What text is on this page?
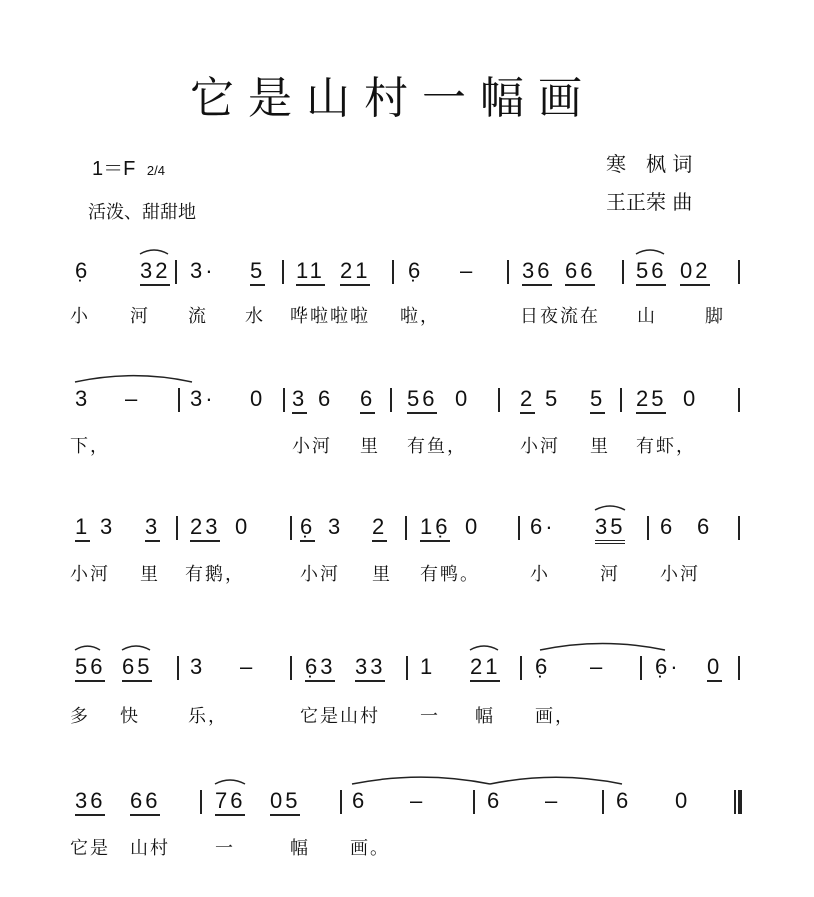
它是山村一幅画
1＝F 2/4
活泼、甜甜地
寒　枫 词
王正荣 曲
6̣ 32 3· 5 11 21 6̣ – 36 66 56 02
小 河 流 水 哗啦啦啦 啦，	日夜流在 山	脚
3 – 3· 0 3 6 6 56 0 2 5 5 25 0
下，	小河 里 有鱼，	小河 里 有虾，
1 3 3 23 0 6̣ 3 2 16̣ 0 6· 35 6 6
小河 里 有鹅，	小河 里 有鸭。	小	河 小河
56 65 3 – 6̣3 33 1 21 6̣ – 6̣· 0
多 快	乐，	它是山村 一 幅 画，
36 66 76 05 6 –	6 –	6 0
它是 山村	一	幅 画。
